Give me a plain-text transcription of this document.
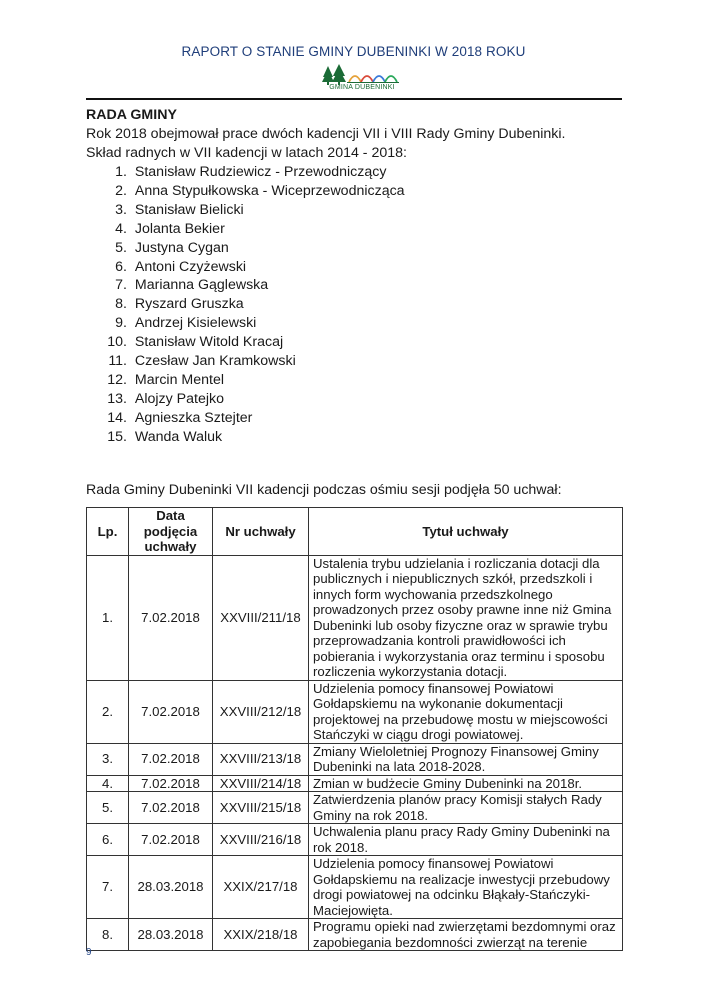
RAPORT O STANIE GMINY DUBENINKI W 2018 ROKU
GMINA DUBENINKI
RADA GMINY

Rok 2018 obejmował prace dwóch kadencji VII i VIII Rady Gminy Dubeninki.

Skład radnych w VII kadencji w latach 2014 - 2018:

1.
Stanisław Rudziewicz - Przewodniczący
2.
Anna Stypułkowska - Wiceprzewodnicząca
3.
Stanisław Bielicki
4.
Jolanta Bekier
5.
Justyna Cygan
6.
Antoni Czyżewski
7.
Marianna Gąglewska
8.
Ryszard Gruszka
9.
Andrzej Kisielewski
10.
Stanisław Witold Kracaj
11.
Czesław Jan Kramkowski
12.
Marcin Mentel
13.
Alojzy Patejko
14.
Agnieszka Sztejter
15.
Wanda Waluk
Rada Gminy Dubeninki VII kadencji podczas ośmiu sesji podjęła 50 uchwał:
Lp.	Data podjęcia uchwały	Nr uchwały	Tytuł uchwały
1.	7.02.2018	XXVIII/211/18	Ustalenia trybu udzielania i rozliczania dotacji dla publicznych i niepublicznych szkół, przedszkoli i innych form wychowania przedszkolnego prowadzonych przez osoby prawne inne niż Gmina Dubeninki lub osoby fizyczne oraz w sprawie trybu przeprowadzania kontroli prawidłowości ich pobierania i wykorzystania oraz terminu i sposobu rozliczenia wykorzystania dotacji.
2.	7.02.2018	XXVIII/212/18	Udzielenia pomocy finansowej Powiatowi Gołdapskiemu na wykonanie dokumentacji projektowej na przebudowę mostu w miejscowości Stańczyki w ciągu drogi powiatowej.
3.	7.02.2018	XXVIII/213/18	Zmiany Wieloletniej Prognozy Finansowej Gminy Dubeninki na lata 2018-2028.
4.	7.02.2018	XXVIII/214/18	Zmian w budżecie Gminy Dubeninki na 2018r.
5.	7.02.2018	XXVIII/215/18	Zatwierdzenia planów pracy Komisji stałych Rady Gminy na rok 2018.
6.	7.02.2018	XXVIII/216/18	Uchwalenia planu pracy Rady Gminy Dubeninki na rok 2018.
7.	28.03.2018	XXIX/217/18	Udzielenia pomocy finansowej Powiatowi Gołdapskiemu na realizacje inwestycji przebudowy drogi powiatowej na odcinku Błąkały-Stańczyki-Maciejowięta.
8.	28.03.2018	XXIX/218/18	Programu opieki nad zwierzętami bezdomnymi oraz zapobiegania bezdomności zwierząt na terenie
9
